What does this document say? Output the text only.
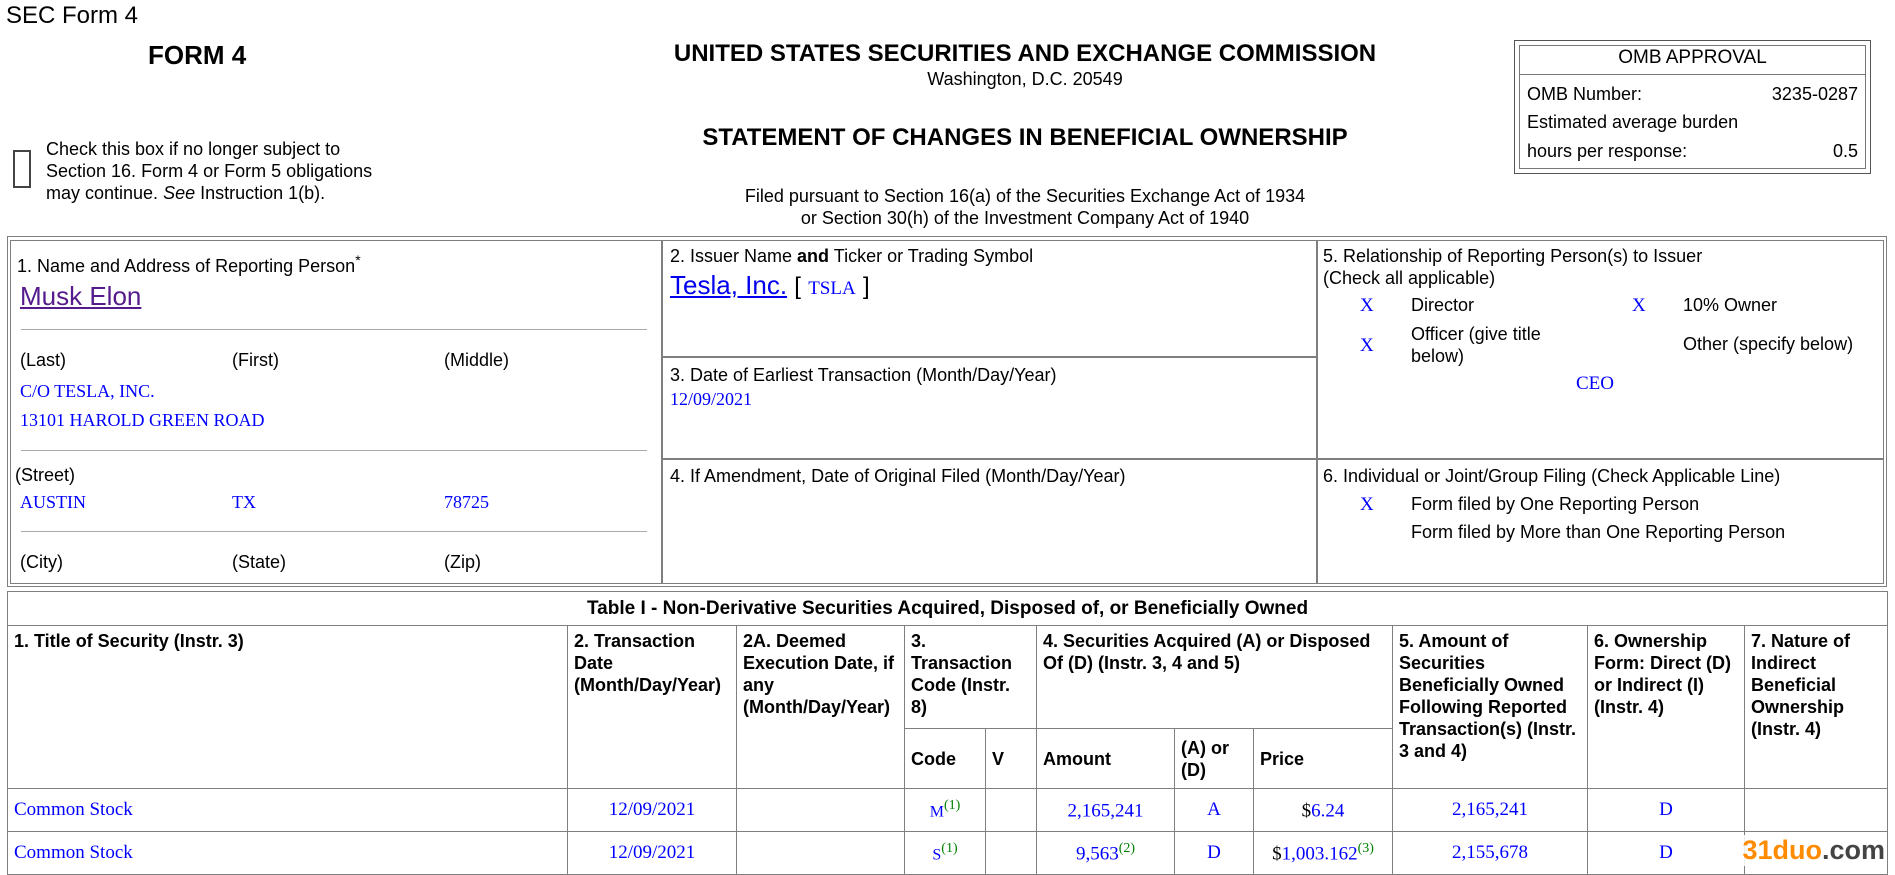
SEC Form 4
FORM 4	UNITED STATES SECURITIES AND EXCHANGE COMMISSION
Washington, D.C. 20549
STATEMENT OF CHANGES IN BENEFICIAL OWNERSHIP
Filed pursuant to Section 16(a) of the Securities Exchange Act of 1934
or Section 30(h) of the Investment Company Act of 1940
Check this box if no longer subject to
Section 16. Form 4 or Form 5 obligations
may continue. See Instruction 1(b).
OMB APPROVAL
OMB Number:	3235-0287
Estimated average burden
hours per response:	0.5
1. Name and Address of Reporting Person*
Musk Elon
(Last)	(First)	(Middle)
C/O TESLA, INC.
13101 HAROLD GREEN ROAD
(Street)
AUSTIN	TX	78725
(City)	(State)	(Zip)
2. Issuer Name and Ticker or Trading Symbol
Tesla, Inc. [ TSLA ]
3. Date of Earliest Transaction (Month/Day/Year)
12/09/2021
4. If Amendment, Date of Original Filed (Month/Day/Year)
5. Relationship of Reporting Person(s) to Issuer
(Check all applicable)
X Director	X 10% Owner
X
Officer (give title
below)
Other (specify below)
CEO
6. Individual or Joint/Group Filing (Check Applicable Line)
X Form filed by One Reporting Person
Form filed by More than One Reporting Person
Table I - Non-Derivative Securities Acquired, Disposed of, or Beneficially Owned										
1. Title of Security (Instr. 3)	2. Transaction Date (Month/Day/Year)	2A. Deemed Execution Date, if any (Month/Day/Year)	3. Transaction Code (Instr. 8)		4. Securities Acquired (A) or Disposed Of (D) (Instr. 3, 4 and 5)			5. Amount of Securities Beneficially Owned Following Reported Transaction(s) (Instr. 3 and 4)	6. Ownership Form: Direct (D) or Indirect (I) (Instr. 4)	7. Nature of Indirect Beneficial Ownership (Instr. 4)
			Code	V	Amount	(A) or (D)	Price			
Common Stock	12/09/2021		$M^{(1)}$		2,165,241	A	$6.24	2,165,241	D	
Common Stock	12/09/2021		$S^{(1)}$		9,563$^{(2)}$	D	$1,003.162$^{(3)}$	2,155,678	D		31duo.com
